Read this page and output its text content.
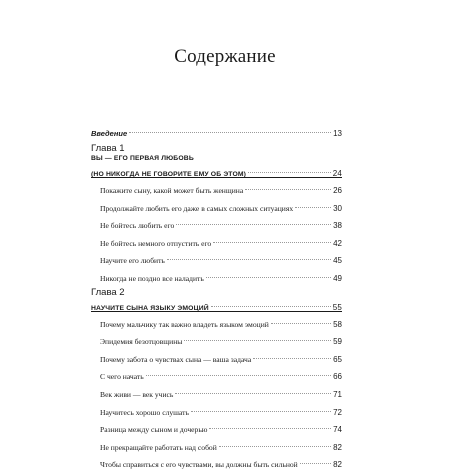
Содержание
Введение	13
Глава 1
ВЫ — ЕГО ПЕРВАЯ ЛЮБОВЬ
(НО НИКОГДА НЕ ГОВОРИТЕ ЕМУ ОБ ЭТОМ)	24
Покажите сыну, какой может быть женщина	26
Продолжайте любить его даже в самых сложных ситуациях	30
Не бойтесь любить его	38
Не бойтесь немного отпустить его	42
Научите его любить	45
Никогда не поздно все наладить	49
Глава 2
НАУЧИТЕ СЫНА ЯЗЫКУ ЭМОЦИЙ	55
Почему мальчику так важно владеть языком эмоций	58
Эпидемия безотцовщины	59
Почему забота о чувствах сына — ваша задача	65
С чего начать	66
Век живи — век учись	71
Научитесь хорошо слушать	72
Разница между сыном и дочерью	74
Не прекращайте работать над собой	82
Чтобы справиться с его чувствами, вы должны быть сильной	82
